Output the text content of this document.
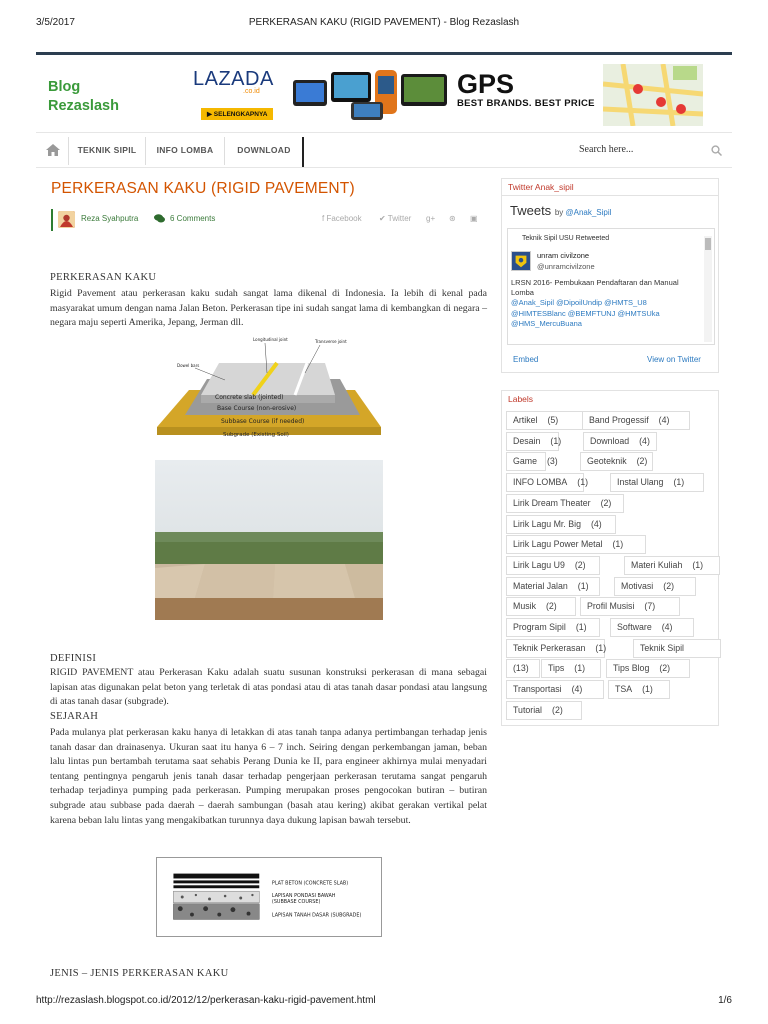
3/5/2017	PERKERASAN KAKU (RIGID PAVEMENT) - Blog Rezaslash
Blog
Rezaslash
LAZADA
.co.id
▶ SELENGKAPNYA
GPS
BEST BRANDS. BEST PRICE
TEKNIK SIPIL	INFO LOMBA	DOWNLOAD	Search here...
PERKERASAN KAKU (RIGID PAVEMENT)
Reza Syahputra	6 Comments	f Facebook ✔ Twitter g+ ⊛ ▣
PERKERASAN KAKU
Rigid Pavement atau perkerasan kaku sudah sangat lama dikenal di Indonesia. Ia lebih di kenal pada masyarakat umum dengan nama Jalan Beton. Perkerasan tipe ini sudah sangat lama di kembangkan di negara – negara maju seperti Amerika, Jepang, Jerman dll.
Concrete slab (jointed)
Base Course (non-erosive)
Subbase Course (if needed)
Subgrade (Existing Soil)
Longitudinal joint	Transverse joint
Dowel bars
DEFINISI
RIGID PAVEMENT atau Perkerasan Kaku adalah suatu susunan konstruksi perkerasan di mana sebagai lapisan atas digunakan pelat beton yang terletak di atas pondasi atau di atas tanah dasar pondasi atau langsung di atas tanah dasar (subgrade).
SEJARAH
Pada mulanya plat perkerasan kaku hanya di letakkan di atas tanah tanpa adanya pertimbangan terhadap jenis tanah dasar dan drainasenya. Ukuran saat itu hanya 6 – 7 inch. Seiring dengan perkembangan jaman, beban lalu lintas pun bertambah terutama saat sehabis Perang Dunia ke II, para engineer akhirnya mulai menyadari tentang pentingnya pengaruh jenis tanah dasar terhadap pengerjaan perkerasan terutama sangat pengaruh terhadap terjadinya pumping pada perkerasan. Pumping merupakan proses pengocokan butiran – butiran subgrade atau subbase pada daerah – daerah sambungan (basah atau kering) akibat gerakan vertikal pelat karena beban lalu lintas yang mengakibatkan turunnya daya dukung lapisan bawah tersebut.
PLAT BETON (CONCRETE SLAB)
LAPISAN PONDASI BAWAH
(SUBBASE COURSE)
LAPISAN TANAH DASAR (SUBGRADE)
JENIS – JENIS PERKERASAN KAKU
Twitter Anak_sipil
Tweets by @Anak_Sipil
Teknik Sipil USU Retweeted
unram civilzone
@unramcivilzone
LRSN 2016- Pembukaan Pendaftaran dan Manual Lomba
@Anak_Sipil @DipoilUndip @HMTS_U8 @HIMTESBlanc @BEMFTUNJ @HMTSUka @HMS_MercuBuana
Embed	View on Twitter
Labels
Artikel (5)	Band Progessif (4)
Desain (1)	Download (4)
Game (3)	Geoteknik (2)
INFO LOMBA (1)	Instal Ulang (1)
Lirik Dream Theater (2)
Lirik Lagu Mr. Big (4)
Lirik Lagu Power Metal (1)
Lirik Lagu U9 (2)	Materi Kuliah (1)
Material Jalan (1)	Motivasi (2)
Musik (2)	Profil Musisi (7)
Program Sipil (1)	Software (4)
Teknik Perkerasan (1)	Teknik Sipil
(13)	Tips (1)	Tips Blog (2)
Transportasi (4)	TSA (1)
Tutorial (2)
http://rezaslash.blogspot.co.id/2012/12/perkerasan-kaku-rigid-pavement.html	1/6
